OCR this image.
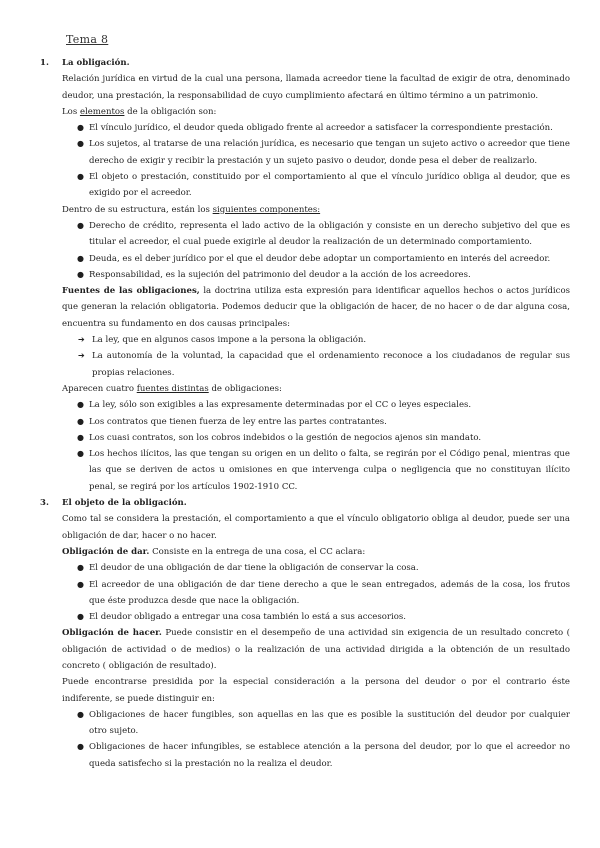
Tema 8
1.	La obligación.

Relación jurídica en virtud de la cual una persona, llamada acreedor tiene la facultad de exigir de otra, denominado deudor, una prestación, la responsabilidad de cuyo cumplimiento afectará en último término a un patrimonio.

Los elementos de la obligación son:

● El vínculo jurídico, el deudor queda obligado frente al acreedor a satisfacer la correspondiente prestación.
● Los sujetos, al tratarse de una relación jurídica, es necesario que tengan un sujeto activo o acreedor que tiene derecho de exigir y recibir la prestación y un sujeto pasivo o deudor, donde pesa el deber de realizarlo.
● El objeto o prestación, constituido por el comportamiento al que el vínculo jurídico obliga al deudor, que es exigido por el acreedor.

Dentro de su estructura, están los siguientes componentes:

● Derecho de crédito, representa el lado activo de la obligación y consiste en un derecho subjetivo del que es titular el acreedor, el cual puede exigirle al deudor la realización de un determinado comportamiento.
● Deuda, es el deber jurídico por el que el deudor debe adoptar un comportamiento en interés del acreedor.
● Responsabilidad, es la sujeción del patrimonio del deudor a la acción de los acreedores.

Fuentes de las obligaciones, la doctrina utiliza esta expresión para identificar aquellos hechos o actos jurídicos que generan la relación obligatoria. Podemos deducir que la obligación de hacer, de no hacer o de dar alguna cosa, encuentra su fundamento en dos causas principales:

➔ La ley, que en algunos casos impone a la persona la obligación.
➔ La autonomía de la voluntad, la capacidad que el ordenamiento reconoce a los ciudadanos de regular sus propias relaciones.

Aparecen cuatro fuentes distintas de obligaciones:

● La ley, sólo son exigibles a las expresamente determinadas por el CC o leyes especiales.
● Los contratos que tienen fuerza de ley entre las partes contratantes.
● Los cuasi contratos, son los cobros indebidos o la gestión de negocios ajenos sin mandato.
● Los hechos ilícitos, las que tengan su origen en un delito o falta, se regirán por el Código penal, mientras que las que se deriven de actos u omisiones en que intervenga culpa o negligencia que no constituyan ilícito penal, se regirá por los artículos 1902-1910 CC.
3.	El objeto de la obligación.

Como tal se considera la prestación, el comportamiento a que el vínculo obligatorio obliga al deudor, puede ser una obligación de dar, hacer o no hacer.

Obligación de dar. Consiste en la entrega de una cosa, el CC aclara:

● El deudor de una obligación de dar tiene la obligación de conservar la cosa.
● El acreedor de una obligación de dar tiene derecho a que le sean entregados, además de la cosa, los frutos que éste produzca desde que nace la obligación.
● El deudor obligado a entregar una cosa también lo está a sus accesorios.

Obligación de hacer. Puede consistir en el desempeño de una actividad sin exigencia de un resultado concreto ( obligación de actividad o de medios) o la realización de una actividad dirigida a la obtención de un resultado concreto ( obligación de resultado).

Puede encontrarse presidida por la especial consideración a la persona del deudor o por el contrario éste indiferente, se puede distinguir en:

● Obligaciones de hacer fungibles, son aquellas en las que es posible la sustitución del deudor por cualquier otro sujeto.
● Obligaciones de hacer infungibles, se establece atención a la persona del deudor, por lo que el acreedor no queda satisfecho si la prestación no la realiza el deudor.
